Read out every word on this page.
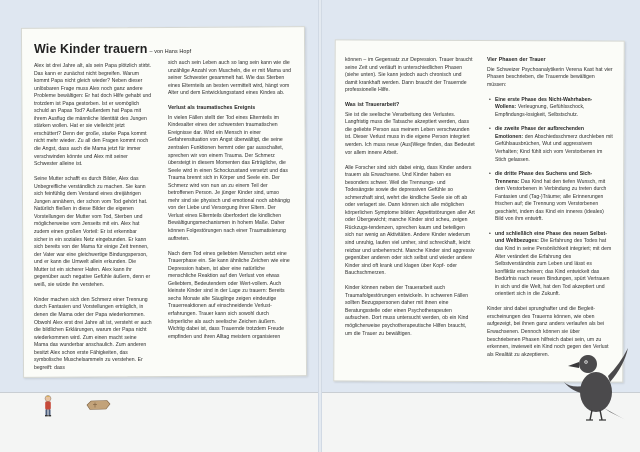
Wie Kinder trauern – von Hans Hopf

Alex ist drei Jahre alt, als sein Papa plötzlich stirbt. Das kann er zunächst nicht begreifen. Warum kommt Papa nicht gleich wieder? Neben dieser unlösbaren Frage muss Alex noch ganz andere Probleme bewältigen: Er hat doch Hilfe gehabt und trotzdem ist Papa gestorben. Ist er womöglich schuld an Papas Tod? Außerdem hat Papa mit ihrem Ausflug die männliche Identität des Jungen stärken wollen. Hat er sie vielleicht jetzt erschüttert? Denn der große, starke Papa kommt nicht mehr wieder. Zu all den Fragen kommt noch die Angst, dass auch die Mama jetzt für immer verschwinden könnte und Alex mit seiner Schwester alleine ist.

Seine Mutter schafft es durch Bilder, Alex das Unbegreifliche verständlich zu machen. Sie kann sich feinfühlig dem Verstand eines dreijährigen Jungen annähern, der schon vom Tod gehört hat. Natürlich fließen in diese Bilder die eigenen Vorstellungen der Mutter vom Tod, Sterben und möglicherweise vom Jenseits mit ein. Alex hat zudem einen großen Vorteil: Er ist erkennbar sicher in ein soziales Netz eingebunden. Er kann sich bereits von der Mama für einige Zeit trennen, der Vater war eine gleichwertige Bindungsperson, und er kann die Umwelt allein erkunden. Die Mutter ist ein sicherer Hafen. Alex kann ihr gegenüber auch negative Gefühle äußern, denn er weiß, sie würde ihn verstehen.

Kinder machen sich den Schmerz einer Trennung durch Fantasien und Vorstellungen erträglich, in denen die Mama oder der Papa wiederkommen. Obwohl Alex erst drei Jahre alt ist, versteht er auch die bildlichen Erklärungen, warum der Papa nicht wiederkommen wird. Zum einen macht seine Mama das wunderbar anschaulich. Zum anderen besitzt Alex schon erste Fähigkeiten, das symbolische Muschelsammeln zu verstehen. Er begreift: dass

sich auch sein Leben auch so lang sein kann wie die unzählige Anzahl von Muscheln, die er mit Mama und seiner Schwester gesammelt hat. Wie das Sterben eines Elternteils an besten vermittelt wird, hängt vom Alter und dem Entwicklungsstand eines Kindes ab.

Verlust als traumatisches Ereignis

In vielen Fällen stellt der Tod eines Elternteils im Kindesalter eines der schwersten traumatischen Ereignisse dar. Wird ein Mensch in einer Gefahrensituation von Angst überwältigt, die seine zentralen Funktionen hemmt oder gar ausschaltet, sprechen wir von einem Trauma. Der Schmerz übersteigt in diesem Momenten das Erträgliche, die Seele wird in einen Schockzustand versetzt und das Trauma brennt sich in Körper und Seele ein. Der Schmerz wird von nun an zu einem Teil der betroffenen Person. Je jünger Kinder sind, umso mehr sind sie physisch und emotional noch abhängig von der Liebe und Versorgung ihrer Eltern. Der Verlust eines Elternteils überfordert die kindlichen Bewältigungsmechanismen in hohem Maße. Daher können Folgestörungen nach einer Traumatisierung auftreten.

Nach dem Tod eines geliebten Menschen setzt eine Trauerphase ein. Sie kann ähnliche Zeichen wie eine Depression haben, ist aber eine natürliche menschliche Reaktion auf den Verlust von etwas Geliebtem, Bedeutendem oder Wert-vollem. Auch kleinste Kinder sind in der Lage zu trauern: Bereits sechs Monate alte Säuglinge zeigen eindeutige Trauerreaktionen auf einschneidende Verlust-erfahrungen. Trauer kann sich sowohl durch körperliche als auch seelische Zeichen äußern. Wichtig dabei ist, dass Trauernde trotzdem Freude empfinden und ihren Alltag meistern organisieren

können – im Gegensatz zur Depression. Trauer braucht seine Zeit und verläuft in unterschiedlichen Phasen (siehe unten). Sie kann jedoch auch chronisch und damit krankhaft werden. Dann braucht der Trauernde professionelle Hilfe.

Was ist Trauerarbeit?

Sie ist die seelische Verarbeitung des Verlustes. Langfristig muss die Tatsache akzeptiert werden, dass die geliebte Person aus meinem Leben verschwunden ist. Dieser Verlust muss in die eigene Person integriert werden. Ich muss neue (Aus)Wege finden, das Bedeutet vor allem innere Arbeit.

Alle Forscher sind sich dabei einig, dass Kinder anders trauern als Erwachsene. Und Kinder haben es besonders schwer. Weil die Trennungs- und Todesängste sowie die depressiven Gefühle so schmerzhaft sind, wehrt die kindliche Seele sie oft ab oder verlagert sie. Dann können sich alle möglichen körperlichen Symptome bilden: Appetitstörungen aller Art oder Übergewicht; manche Kinder sind scheu, zeigen Rückzugs-tendenzen, sprechen kaum und beteiligen sich nur wenig an Aktivitäten. Andere Kinder wiederum sind unruhig, laufen viel umher, sind schreckhaft, leicht reizbar und unbeherrscht. Manche Kinder sind aggressiv gegenüber anderen oder sich selbst und wieder andere Kinder sind oft krank und klagen über Kopf- oder Bauchschmerzen.

Kinder können neben der Trauerarbeit auch Traumafolgestörungen entwickeln. In schweren Fällen sollten Bezugspersonen daher mit ihnen eine Beratungsstelle oder einen Psychotherapeuten aufsuchen. Dort muss untersucht werden, ob ein Kind möglicherweise psychotherapeutische Hilfen braucht, um die Trauer zu bewältigen.

Vier Phasen der Trauer

Die Schweizer Psychoanalytikerin Verena Kast hat vier Phasen beschrieben, die Trauernde bewältigen müssen:

• Eine erste Phase des Nicht-Wahrhaben-Wollens: Verleugnung, Gefühlsschock, Empfindungs-losigkeit, Selbstschutz.
• die zweite Phase der aufbrechenden Emotionen: den Abschiedsschmerz durchleben mit Gefühlsausbrüchen, Wut und aggressivem Verhalten; Kind fühlt sich vom Verstorbenen im Stich gelassen.
• die dritte Phase des Suchens und Sich-Trennens: Das Kind hat den tiefen Wunsch, mit dem Verstorbenen in Verbindung zu treten durch Fantasien und (Tag-)Träume; alle Erinnerungen frischen auf; die Trennung vom Verstorbenen geschieht, indem das Kind ein inneres (ideales) Bild von ihm entwirft.
• und schließlich eine Phase des neuen Selbst- und Weltbezuges: Die Erfahrung des Todes hat das Kind in seine Persönlichkeit integriert; mit dem Alter verändert die Erfahrung des Selbstverständnis zum Leben und lässt es konfliktär erscheinen; das Kind entwickelt das Bedürfnis nach neuen Bindungen, spürt Vertrauen in sich und die Welt, hat den Tod akzeptiert und orientiert sich in die Zukunft.

Kinder sind dabei sprunghafter und die Begleit-erscheinungen des Trauerns können, wie oben aufgezeigt, bei ihnen ganz anders verlaufen als bei Erwachsenen. Dennoch können sie über beschriebenen Phasen hilfreich dabei sein, um zu erkennen, inwieweit ein Kind noch gegen den Verlust als Realität zu akzeptieren.
